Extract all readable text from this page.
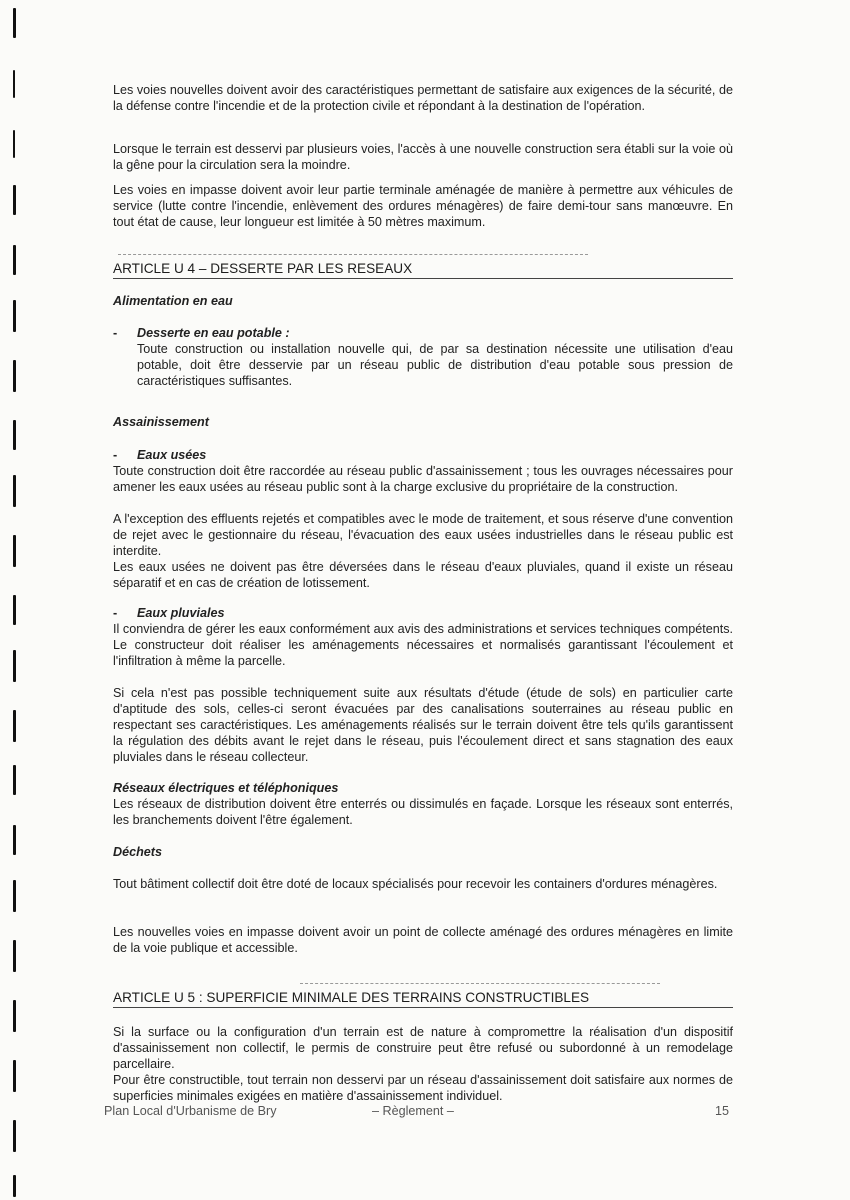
Les voies nouvelles doivent avoir des caractéristiques permettant de satisfaire aux exigences de la sécurité, de la défense contre l'incendie et de la protection civile et répondant à la destination de l'opération.
Lorsque le terrain est desservi par plusieurs voies, l'accès à une nouvelle construction sera établi sur la voie où la gêne pour la circulation sera la moindre.
Les voies en impasse doivent avoir leur partie terminale aménagée de manière à permettre aux véhicules de service (lutte contre l'incendie, enlèvement des ordures ménagères) de faire demi-tour sans manœuvre. En tout état de cause, leur longueur est limitée à 50 mètres maximum.
ARTICLE U 4 – DESSERTE PAR LES RESEAUX
Alimentation en eau
- Desserte en eau potable :
Toute construction ou installation nouvelle qui, de par sa destination nécessite une utilisation d'eau potable, doit être desservie par un réseau public de distribution d'eau potable sous pression de caractéristiques suffisantes.
Assainissement
- Eaux usées
Toute construction doit être raccordée au réseau public d'assainissement ; tous les ouvrages nécessaires pour amener les eaux usées au réseau public sont à la charge exclusive du propriétaire de la construction.
A l'exception des effluents rejetés et compatibles avec le mode de traitement, et sous réserve d'une convention de rejet avec le gestionnaire du réseau, l'évacuation des eaux usées industrielles dans le réseau public est interdite.
Les eaux usées ne doivent pas être déversées dans le réseau d'eaux pluviales, quand il existe un réseau séparatif et en cas de création de lotissement.
- Eaux pluviales
Il conviendra de gérer les eaux conformément aux avis des administrations et services techniques compétents. Le constructeur doit réaliser les aménagements nécessaires et normalisés garantissant l'écoulement et l'infiltration à même la parcelle.
Si cela n'est pas possible techniquement suite aux résultats d'étude (étude de sols) en particulier carte d'aptitude des sols, celles-ci seront évacuées par des canalisations souterraines au réseau public en respectant ses caractéristiques. Les aménagements réalisés sur le terrain doivent être tels qu'ils garantissent la régulation des débits avant le rejet dans le réseau, puis l'écoulement direct et sans stagnation des eaux pluviales dans le réseau collecteur.
Réseaux électriques et téléphoniques
Les réseaux de distribution doivent être enterrés ou dissimulés en façade. Lorsque les réseaux sont enterrés, les branchements doivent l'être également.
Déchets
Tout bâtiment collectif doit être doté de locaux spécialisés pour recevoir les containers d'ordures ménagères.
Les nouvelles voies en impasse doivent avoir un point de collecte aménagé des ordures ménagères en limite de la voie publique et accessible.
ARTICLE U 5 : SUPERFICIE MINIMALE DES TERRAINS CONSTRUCTIBLES
Si la surface ou la configuration d'un terrain est de nature à compromettre la réalisation d'un dispositif d'assainissement non collectif, le permis de construire peut être refusé ou subordonné à un remodelage parcellaire.
Pour être constructible, tout terrain non desservi par un réseau d'assainissement doit satisfaire aux normes de superficies minimales exigées en matière d'assainissement individuel.
Plan Local d'Urbanisme de Bry	– Règlement –	15
